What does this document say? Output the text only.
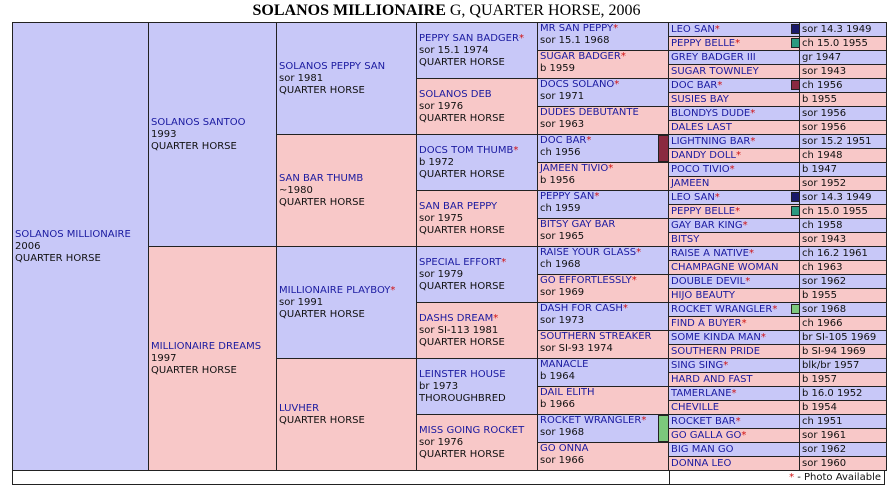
SOLANOS MILLIONAIRE G, QUARTER HORSE, 2006
SOLANOS MILLIONAIRE
2006
QUARTER HORSE
SOLANOS SANTOO
1993
QUARTER HORSE
MILLIONAIRE DREAMS
1997
QUARTER HORSE
SOLANOS PEPPY SAN
sor 1981
QUARTER HORSE
SAN BAR THUMB
~1980
QUARTER HORSE
MILLIONAIRE PLAYBOY*
sor 1991
QUARTER HORSE
LUVHER
QUARTER HORSE
PEPPY SAN BADGER*
sor 15.1 1974
QUARTER HORSE
SOLANOS DEB
sor 1976
QUARTER HORSE
DOCS TOM THUMB*
b 1972
QUARTER HORSE
SAN BAR PEPPY
sor 1975
QUARTER HORSE
SPECIAL EFFORT*
sor 1979
QUARTER HORSE
DASHS DREAM*
sor SI-113 1981
QUARTER HORSE
LEINSTER HOUSE
br 1973
THOROUGHBRED
MISS GOING ROCKET
sor 1976
QUARTER HORSE
MR SAN PEPPY*
sor 15.1 1968
SUGAR BADGER*
b 1959
DOCS SOLANO*
sor 1971
DUDES DEBUTANTE
sor 1963
DOC BAR*
ch 1956
JAMEEN TIVIO*
b 1956
PEPPY SAN*
ch 1959
BITSY GAY BAR
sor 1965
RAISE YOUR GLASS*
ch 1968
GO EFFORTLESSLY*
sor 1969
DASH FOR CASH*
sor 1973
SOUTHERN STREAKER
sor SI-93 1974
MANACLE
b 1964
DAIL ELITH
b 1966
ROCKET WRANGLER*
sor 1968
GO ONNA
sor 1966
LEO SAN*
PEPPY BELLE*
GREY BADGER III
SUGAR TOWNLEY
DOC BAR*
SUSIES BAY
BLONDYS DUDE*
DALES LAST
LIGHTNING BAR*
DANDY DOLL*
POCO TIVIO*
JAMEEN
LEO SAN*
PEPPY BELLE*
GAY BAR KING*
BITSY
RAISE A NATIVE*
CHAMPAGNE WOMAN
DOUBLE DEVIL*
HIJO BEAUTY
ROCKET WRANGLER*
FIND A BUYER*
SOME KINDA MAN*
SOUTHERN PRIDE
SING SING*
HARD AND FAST
TAMERLANE*
CHEVILLE
ROCKET BAR*
GO GALLA GO*
BIG MAN GO
DONNA LEO
sor 14.3 1949
ch 15.0 1955
gr 1947
sor 1943
ch 1956
b 1955
sor 1956
sor 1956
sor 15.2 1951
ch 1948
b 1947
sor 1952
sor 14.3 1949
ch 15.0 1955
ch 1958
sor 1943
ch 16.2 1961
ch 1963
sor 1962
b 1955
sor 1968
ch 1966
br SI-105 1969
b SI-94 1969
blk/br 1957
b 1957
b 16.0 1952
b 1954
ch 1951
sor 1961
sor 1962
sor 1960
* - Photo Available
